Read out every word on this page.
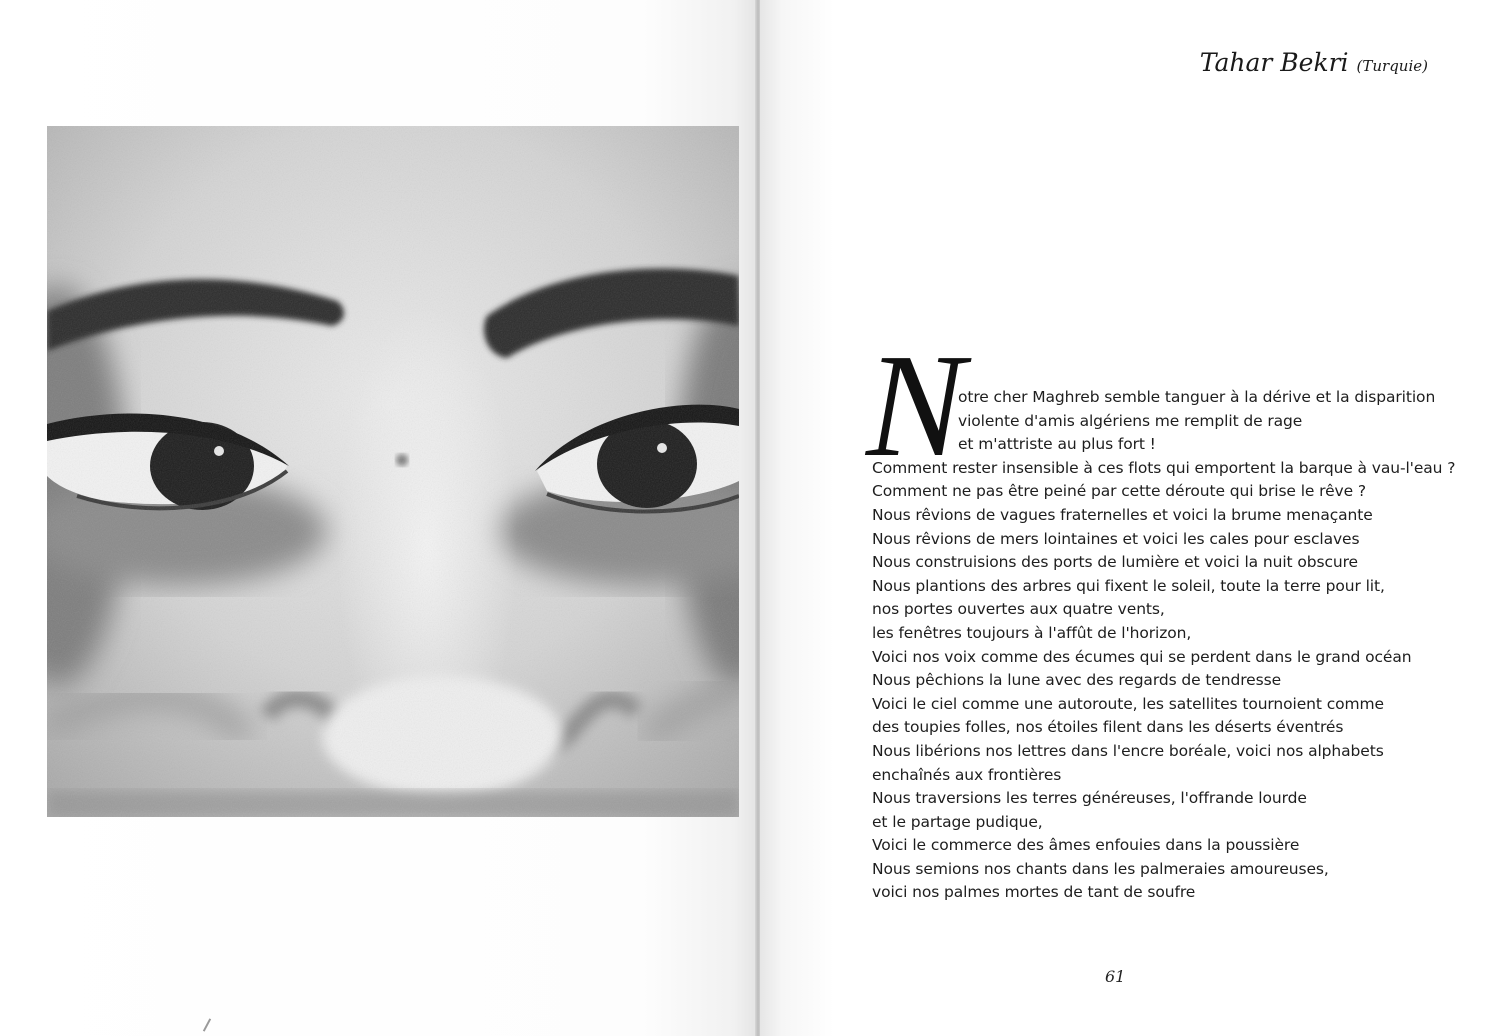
Tahar Bekri (Turquie)
N
otre cher Maghreb semble tanguer à la dérive et la disparition
violente d'amis algériens me remplit de rage
et m'attriste au plus fort !
Comment rester insensible à ces flots qui emportent la barque à vau-l'eau ?
Comment ne pas être peiné par cette déroute qui brise le rêve ?
Nous rêvions de vagues fraternelles et voici la brume menaçante
Nous rêvions de mers lointaines et voici les cales pour esclaves
Nous construisions des ports de lumière et voici la nuit obscure
Nous plantions des arbres qui fixent le soleil, toute la terre pour lit,
nos portes ouvertes aux quatre vents,
les fenêtres toujours à l'affût de l'horizon,
Voici nos voix comme des écumes qui se perdent dans le grand océan
Nous pêchions la lune avec des regards de tendresse
Voici le ciel comme une autoroute, les satellites tournoient comme
des toupies folles, nos étoiles filent dans les déserts éventrés
Nous libérions nos lettres dans l'encre boréale, voici nos alphabets
enchaînés aux frontières
Nous traversions les terres généreuses, l'offrande lourde
et le partage pudique,
Voici le commerce des âmes enfouies dans la poussière
Nous semions nos chants dans les palmeraies amoureuses,
voici nos palmes mortes de tant de soufre
61
